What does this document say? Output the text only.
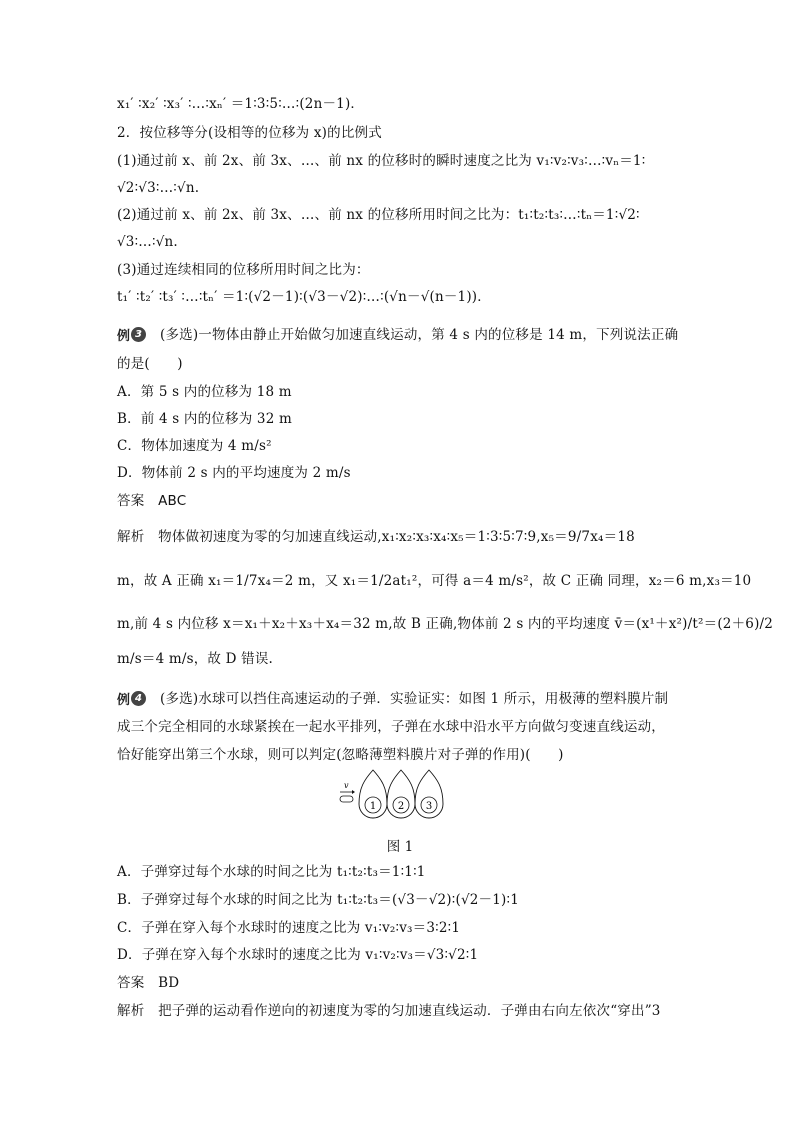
x₁′ ∶x₂′ ∶x₃′ ∶…∶xₙ′ ＝1∶3∶5∶…∶(2n－1)．
2．按位移等分(设相等的位移为 x)的比例式
(1)通过前 x、前 2x、前 3x、…、前 nx 的位移时的瞬时速度之比为 v₁∶v₂∶v₃∶…∶vₙ＝1∶
√2∶√3∶…∶√n.
(2)通过前 x、前 2x、前 3x、…、前 nx 的位移所用时间之比为：t₁∶t₂∶t₃∶…∶tₙ＝1∶√2∶
√3∶…∶√n.
(3)通过连续相同的位移所用时间之比为：
t₁′ ∶t₂′ ∶t₃′ ∶…∶tₙ′ ＝1∶(√2－1)∶(√3－√2)∶…∶(√n－√(n－1))．
例 3 (多选)一物体由静止开始做匀加速直线运动，第 4 s 内的位移是 14 m，下列说法正确
的是(　　)
A．第 5 s 内的位移为 18 m
B．前 4 s 内的位移为 32 m
C．物体加速度为 4 m/s²
D．物体前 2 s 内的平均速度为 2 m/s
答案　ABC
解析　物体做初速度为零的匀加速直线运动,x₁∶x₂∶x₃∶x₄∶x₅＝1∶3∶5∶7∶9,x₅＝9/7x₄＝18
m，故 A 正确 x₁＝1/7x₄＝2 m，又 x₁＝1/2at₁²，可得 a＝4 m/s²，故 C 正确 同理，x₂＝6 m,x₃＝10
m,前 4 s 内位移 x＝x₁＋x₂＋x₃＋x₄＝32 m,故 B 正确,物体前 2 s 内的平均速度 v̄＝(x¹＋x²)/t²＝(2＋6)/2
m/s＝4 m/s，故 D 错误.
例 4 (多选)水球可以挡住高速运动的子弹．实验证实：如图 1 所示，用极薄的塑料膜片制
成三个完全相同的水球紧挨在一起水平排列，子弹在水球中沿水平方向做匀变速直线运动，
恰好能穿出第三个水球，则可以判定(忽略薄塑料膜片对子弹的作用)(　　)
v
1 2 3
图 1
A．子弹穿过每个水球的时间之比为 t₁∶t₂∶t₃＝1∶1∶1
B．子弹穿过每个水球的时间之比为 t₁∶t₂∶t₃＝(√3－√2)∶(√2－1)∶1
C．子弹在穿入每个水球时的速度之比为 v₁∶v₂∶v₃＝3∶2∶1
D．子弹在穿入每个水球时的速度之比为 v₁∶v₂∶v₃＝√3∶√2∶1
答案　BD
解析　把子弹的运动看作逆向的初速度为零的匀加速直线运动．子弹由右向左依次“穿出”3
